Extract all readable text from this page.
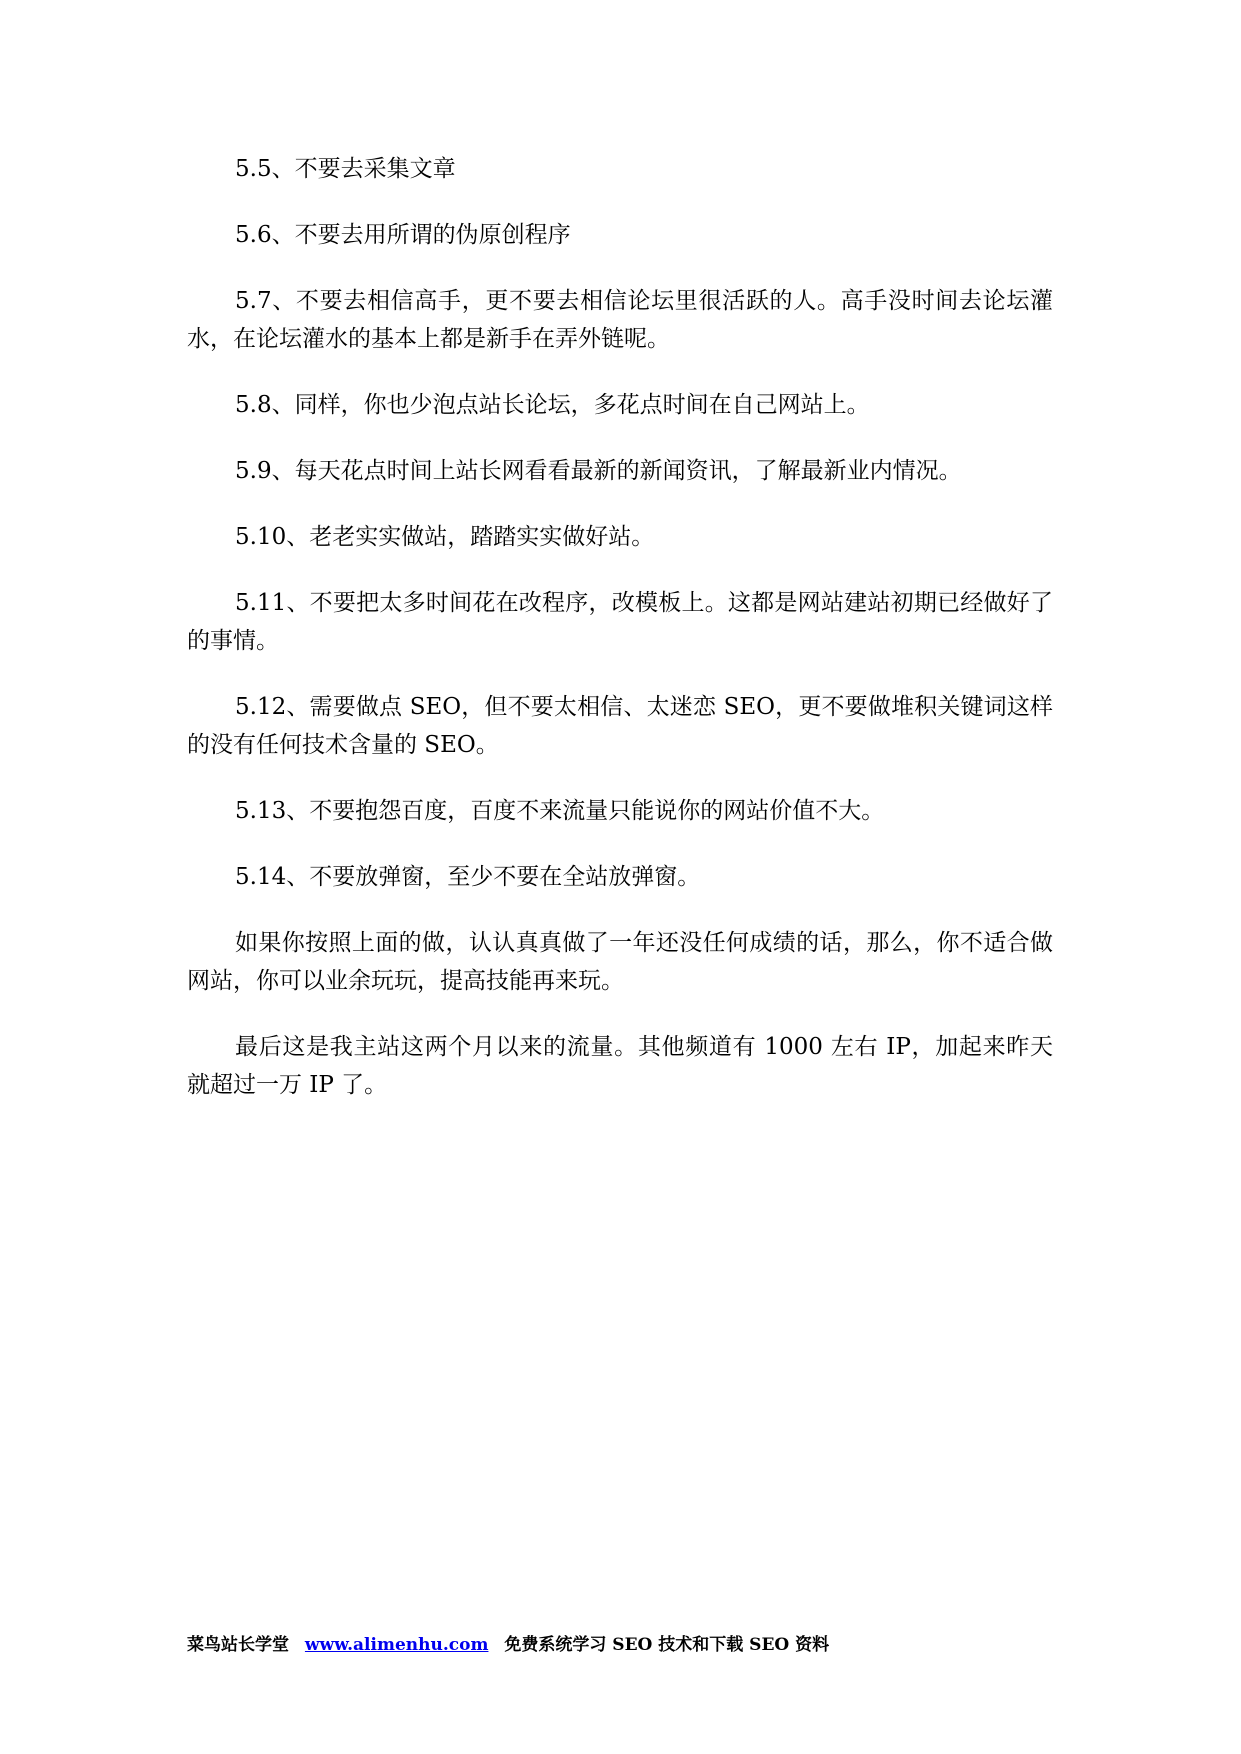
5.5、不要去采集文章

5.6、不要去用所谓的伪原创程序

5.7、不要去相信高手，更不要去相信论坛里很活跃的人。高手没时间去论坛灌水，在论坛灌水的基本上都是新手在弄外链呢。

5.8、同样，你也少泡点站长论坛，多花点时间在自己网站上。

5.9、每天花点时间上站长网看看最新的新闻资讯，了解最新业内情况。

5.10、老老实实做站，踏踏实实做好站。

5.11、不要把太多时间花在改程序，改模板上。这都是网站建站初期已经做好了的事情。

5.12、需要做点 SEO，但不要太相信、太迷恋 SEO，更不要做堆积关键词这样的没有任何技术含量的 SEO。

5.13、不要抱怨百度，百度不来流量只能说你的网站价值不大。

5.14、不要放弹窗，至少不要在全站放弹窗。

如果你按照上面的做，认认真真做了一年还没任何成绩的话，那么，你不适合做网站，你可以业余玩玩，提高技能再来玩。

最后这是我主站这两个月以来的流量。其他频道有 1000 左右 IP，加起来昨天就超过一万 IP 了。

菜鸟站长学堂 www.alimenhu.com 免费系统学习 SEO 技术和下载 SEO 资料
